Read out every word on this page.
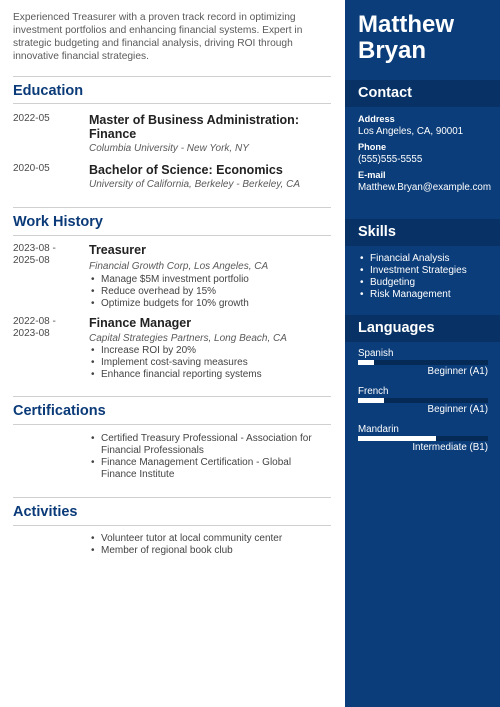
Experienced Treasurer with a proven track record in optimizing investment portfolios and enhancing financial systems. Expert in strategic budgeting and financial analysis, driving ROI through innovative financial strategies.
Education
2022-05	Master of Business Administration: Finance
Columbia University - New York, NY
2020-05	Bachelor of Science: Economics
University of California, Berkeley - Berkeley, CA
Work History
2023-08 -
2025-08
Treasurer
Financial Growth Corp, Los Angeles, CA
• Manage $5M investment portfolio
• Reduce overhead by 15%
• Optimize budgets for 10% growth
2022-08 -
2023-08
Finance Manager
Capital Strategies Partners, Long Beach, CA
• Increase ROI by 20%
• Implement cost-saving measures
• Enhance financial reporting systems
Certifications
• Certified Treasury Professional - Association for Financial Professionals
• Finance Management Certification - Global Finance Institute
Activities
• Volunteer tutor at local community center
• Member of regional book club
Matthew
Bryan
Contact
Address
Los Angeles, CA, 90001
Phone
(555)555-5555
E-mail
Matthew.Bryan@example.com
Skills
• Financial Analysis
• Investment Strategies
• Budgeting
• Risk Management
Languages
Spanish
Beginner (A1)
French
Beginner (A1)
Mandarin
Intermediate (B1)
